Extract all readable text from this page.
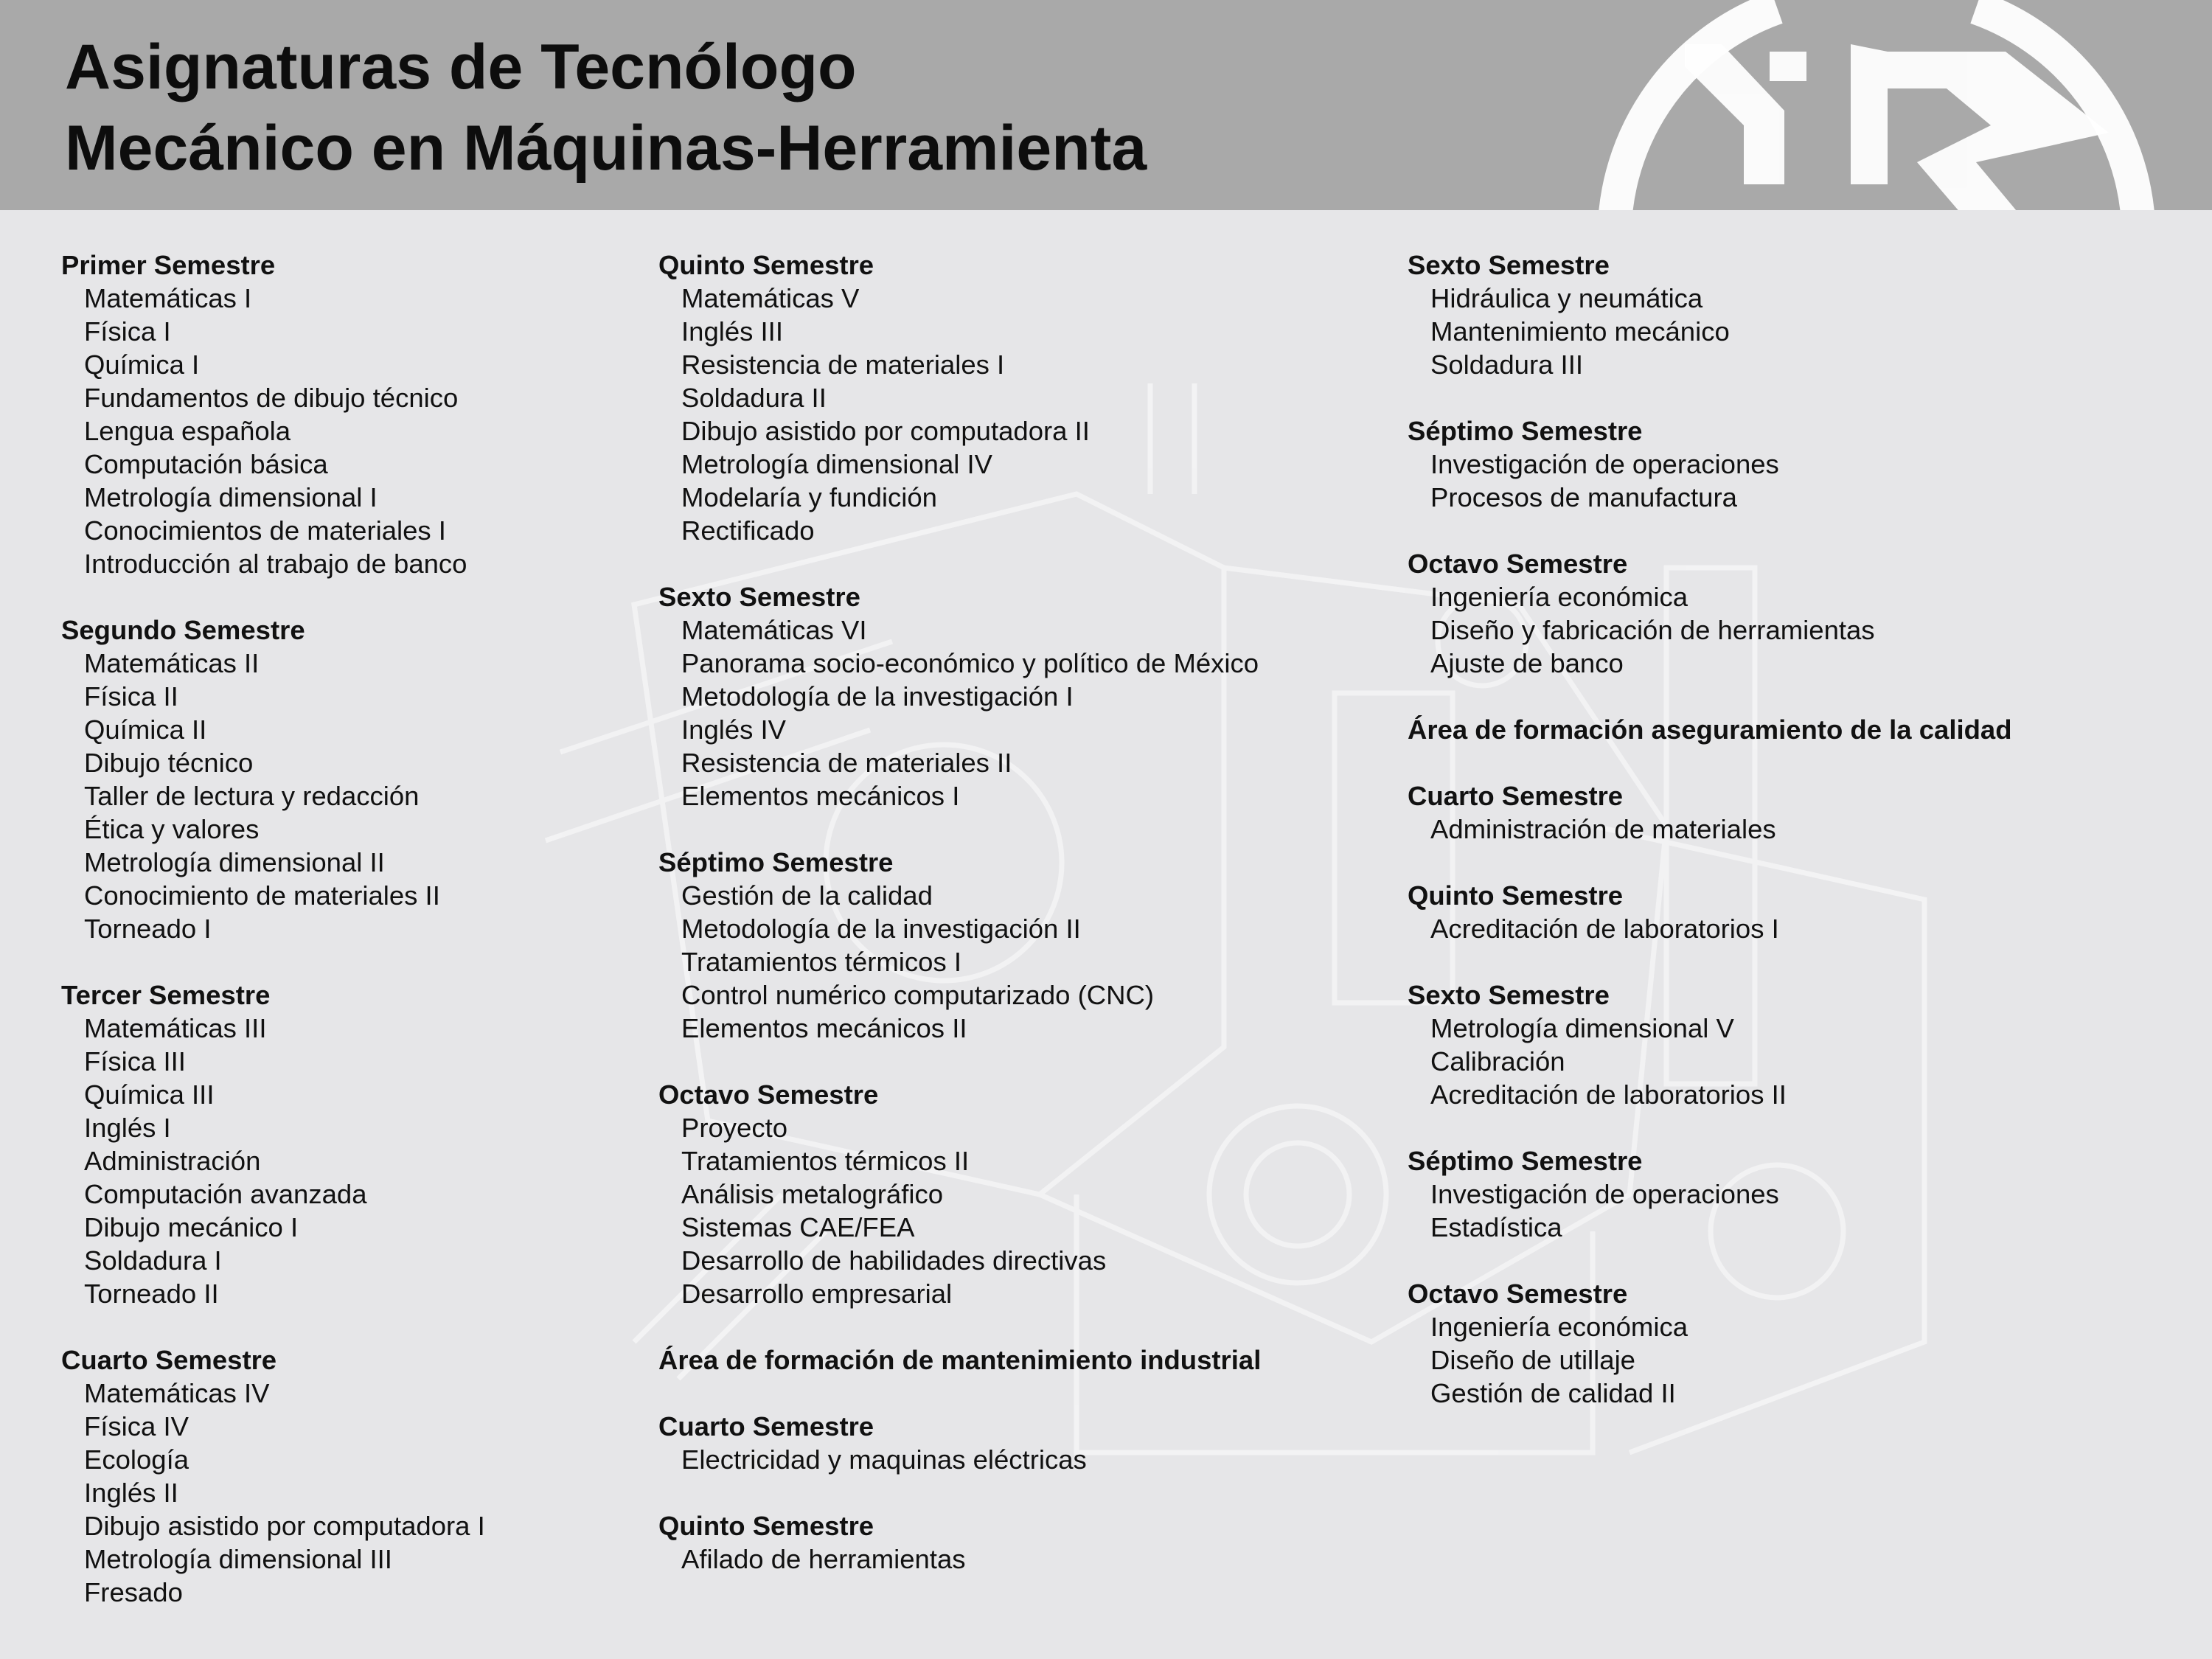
Asignaturas de Tecnólogo
Mecánico en Máquinas-Herramienta
Primer Semestre
Matemáticas I
Física I
Química I
Fundamentos de dibujo técnico
Lengua española
Computación básica
Metrología dimensional I
Conocimientos de materiales I
Introducción al trabajo de banco
Segundo Semestre
Matemáticas II
Física II
Química II
Dibujo técnico
Taller de lectura y redacción
Ética y valores
Metrología dimensional II
Conocimiento de materiales II
Torneado I
Tercer Semestre
Matemáticas III
Física III
Química III
Inglés I
Administración
Computación avanzada
Dibujo mecánico I
Soldadura I
Torneado II
Cuarto Semestre
Matemáticas IV
Física IV
Ecología
Inglés II
Dibujo asistido por computadora I
Metrología dimensional III
Fresado
Quinto Semestre
Matemáticas V
Inglés III
Resistencia de materiales I
Soldadura II
Dibujo asistido por computadora II
Metrología dimensional IV
Modelaría y fundición
Rectificado
Sexto Semestre
Matemáticas VI
Panorama socio-económico y político de México
Metodología de la investigación I
Inglés IV
Resistencia de materiales II
Elementos mecánicos I
Séptimo Semestre
Gestión de la calidad
Metodología de la investigación II
Tratamientos térmicos I
Control numérico computarizado (CNC)
Elementos mecánicos II
Octavo Semestre
Proyecto
Tratamientos térmicos II
Análisis metalográfico
Sistemas CAE/FEA
Desarrollo de habilidades directivas
Desarrollo empresarial
Área de formación de mantenimiento industrial
Cuarto Semestre
Electricidad y maquinas eléctricas
Quinto Semestre
Afilado de herramientas
Sexto Semestre
Hidráulica y neumática
Mantenimiento mecánico
Soldadura III
Séptimo Semestre
Investigación de operaciones
Procesos de manufactura
Octavo Semestre
Ingeniería económica
Diseño y fabricación de herramientas
Ajuste de banco
Área de formación aseguramiento de la calidad
Cuarto Semestre
Administración de materiales
Quinto Semestre
Acreditación de laboratorios I
Sexto Semestre
Metrología dimensional V
Calibración
Acreditación de laboratorios II
Séptimo Semestre
Investigación de operaciones
Estadística
Octavo Semestre
Ingeniería económica
Diseño de utillaje
Gestión de calidad II
